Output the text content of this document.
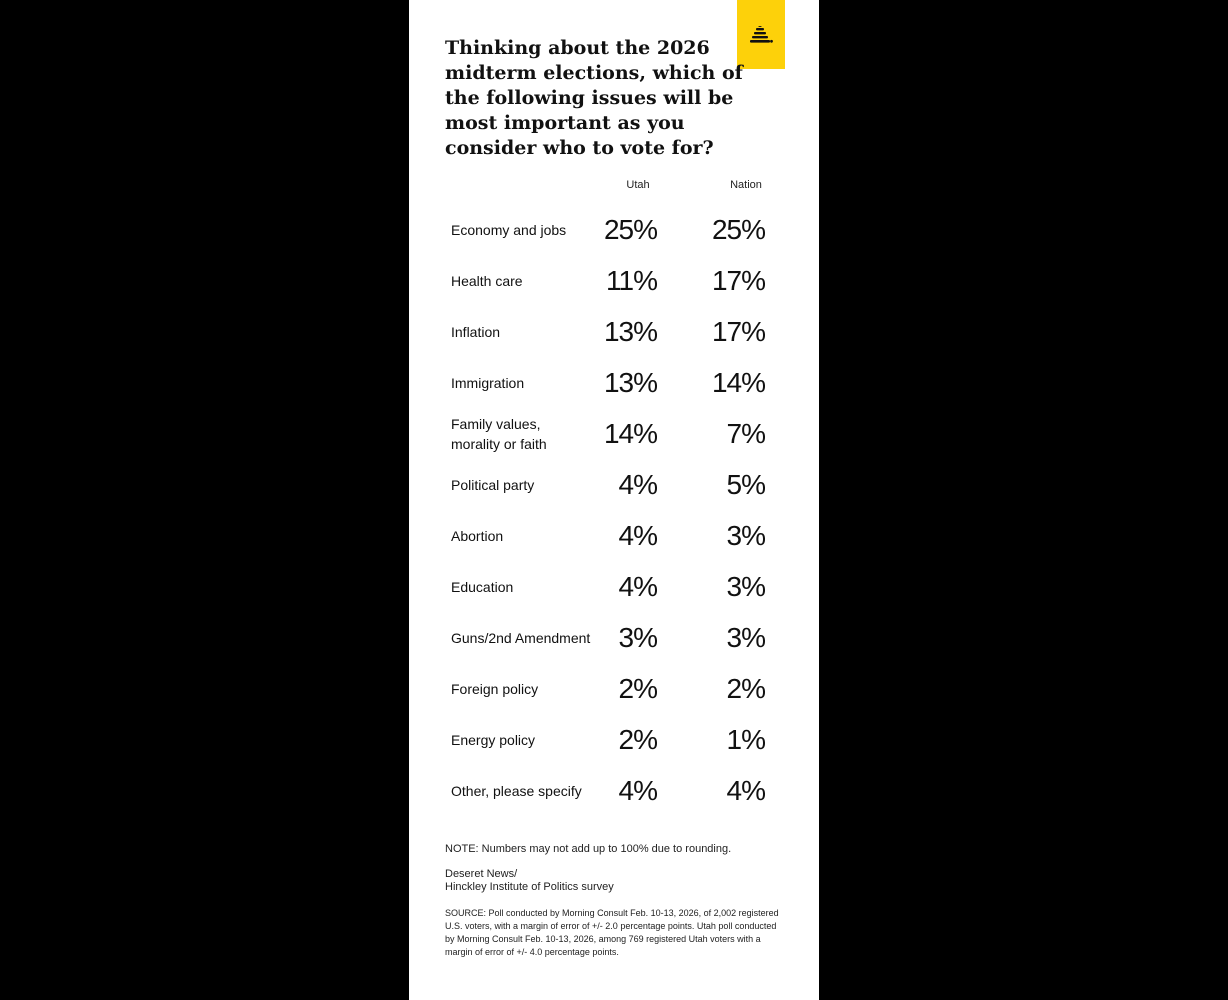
Thinking about the 2026 midterm elections, which of the following issues will be most important as you consider who to vote for?
Utah	Nation
Economy and jobs	25%	25%
Health care	11%	17%
Inflation	13%	17%
Immigration	13%	14%
Family values, morality or faith	14%	7%
Political party	4%	5%
Abortion	4%	3%
Education	4%	3%
Guns/2nd Amendment	3%	3%
Foreign policy	2%	2%
Energy policy	2%	1%
Other, please specify	4%	4%
NOTE: Numbers may not add up to 100% due to rounding.
Deseret News/
Hinckley Institute of Politics survey
SOURCE: Poll conducted by Morning Consult Feb. 10-13, 2026, of 2,002 registered U.S. voters, with a margin of error of +/- 2.0 percentage points. Utah poll conducted by Morning Consult Feb. 10-13, 2026, among 769 registered Utah voters with a margin of error of +/- 4.0 percentage points.
